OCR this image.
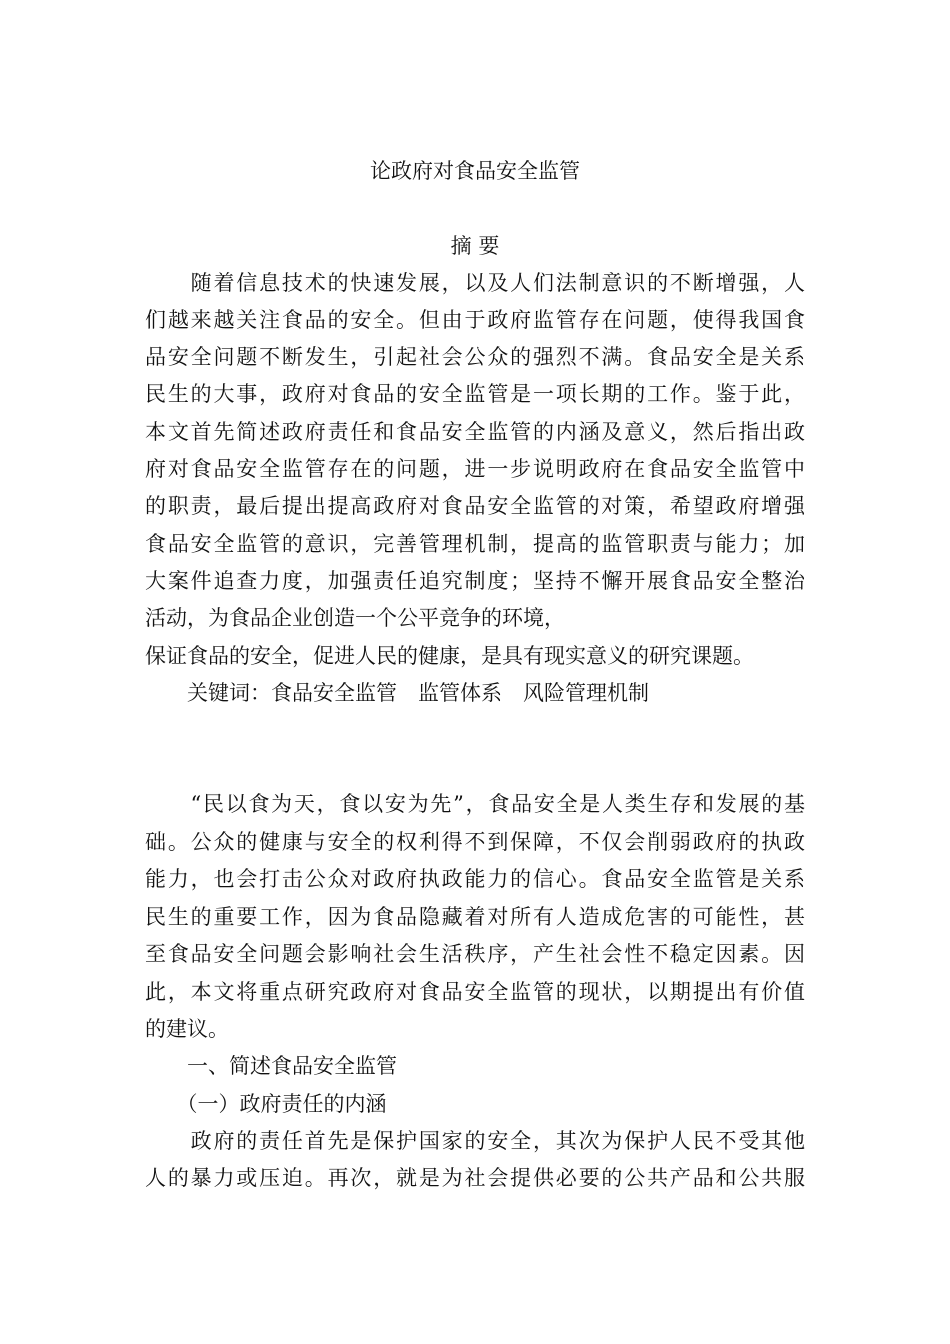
论政府对食品安全监管
摘 要
　　随着信息技术的快速发展，以及人们法制意识的不断增强，人
们越来越关注食品的安全。但由于政府监管存在问题，使得我国食
品安全问题不断发生，引起社会公众的强烈不满。食品安全是关系
民生的大事，政府对食品的安全监管是一项长期的工作。鉴于此，
本文首先简述政府责任和食品安全监管的内涵及意义，然后指出政
府对食品安全监管存在的问题，进一步说明政府在食品安全监管中
的职责，最后提出提高政府对食品安全监管的对策，希望政府增强
食品安全监管的意识，完善管理机制，提高的监管职责与能力；加
大案件追查力度，加强责任追究制度；坚持不懈开展食品安全整治
活动，为食品企业创造一个公平竞争的环境，
保证食品的安全，促进人民的健康，是具有现实意义的研究课题。
　　关键词：食品安全监管　监管体系　风险管理机制
　　“民以食为天，食以安为先”，食品安全是人类生存和发展的基
础。公众的健康与安全的权利得不到保障，不仅会削弱政府的执政
能力，也会打击公众对政府执政能力的信心。食品安全监管是关系
民生的重要工作，因为食品隐藏着对所有人造成危害的可能性，甚
至食品安全问题会影响社会生活秩序，产生社会性不稳定因素。因
此，本文将重点研究政府对食品安全监管的现状，以期提出有价值
的建议。
　　一、简述食品安全监管
　　（一）政府责任的内涵
　　政府的责任首先是保护国家的安全，其次为保护人民不受其他
人的暴力或压迫。再次，就是为社会提供必要的公共产品和公共服
